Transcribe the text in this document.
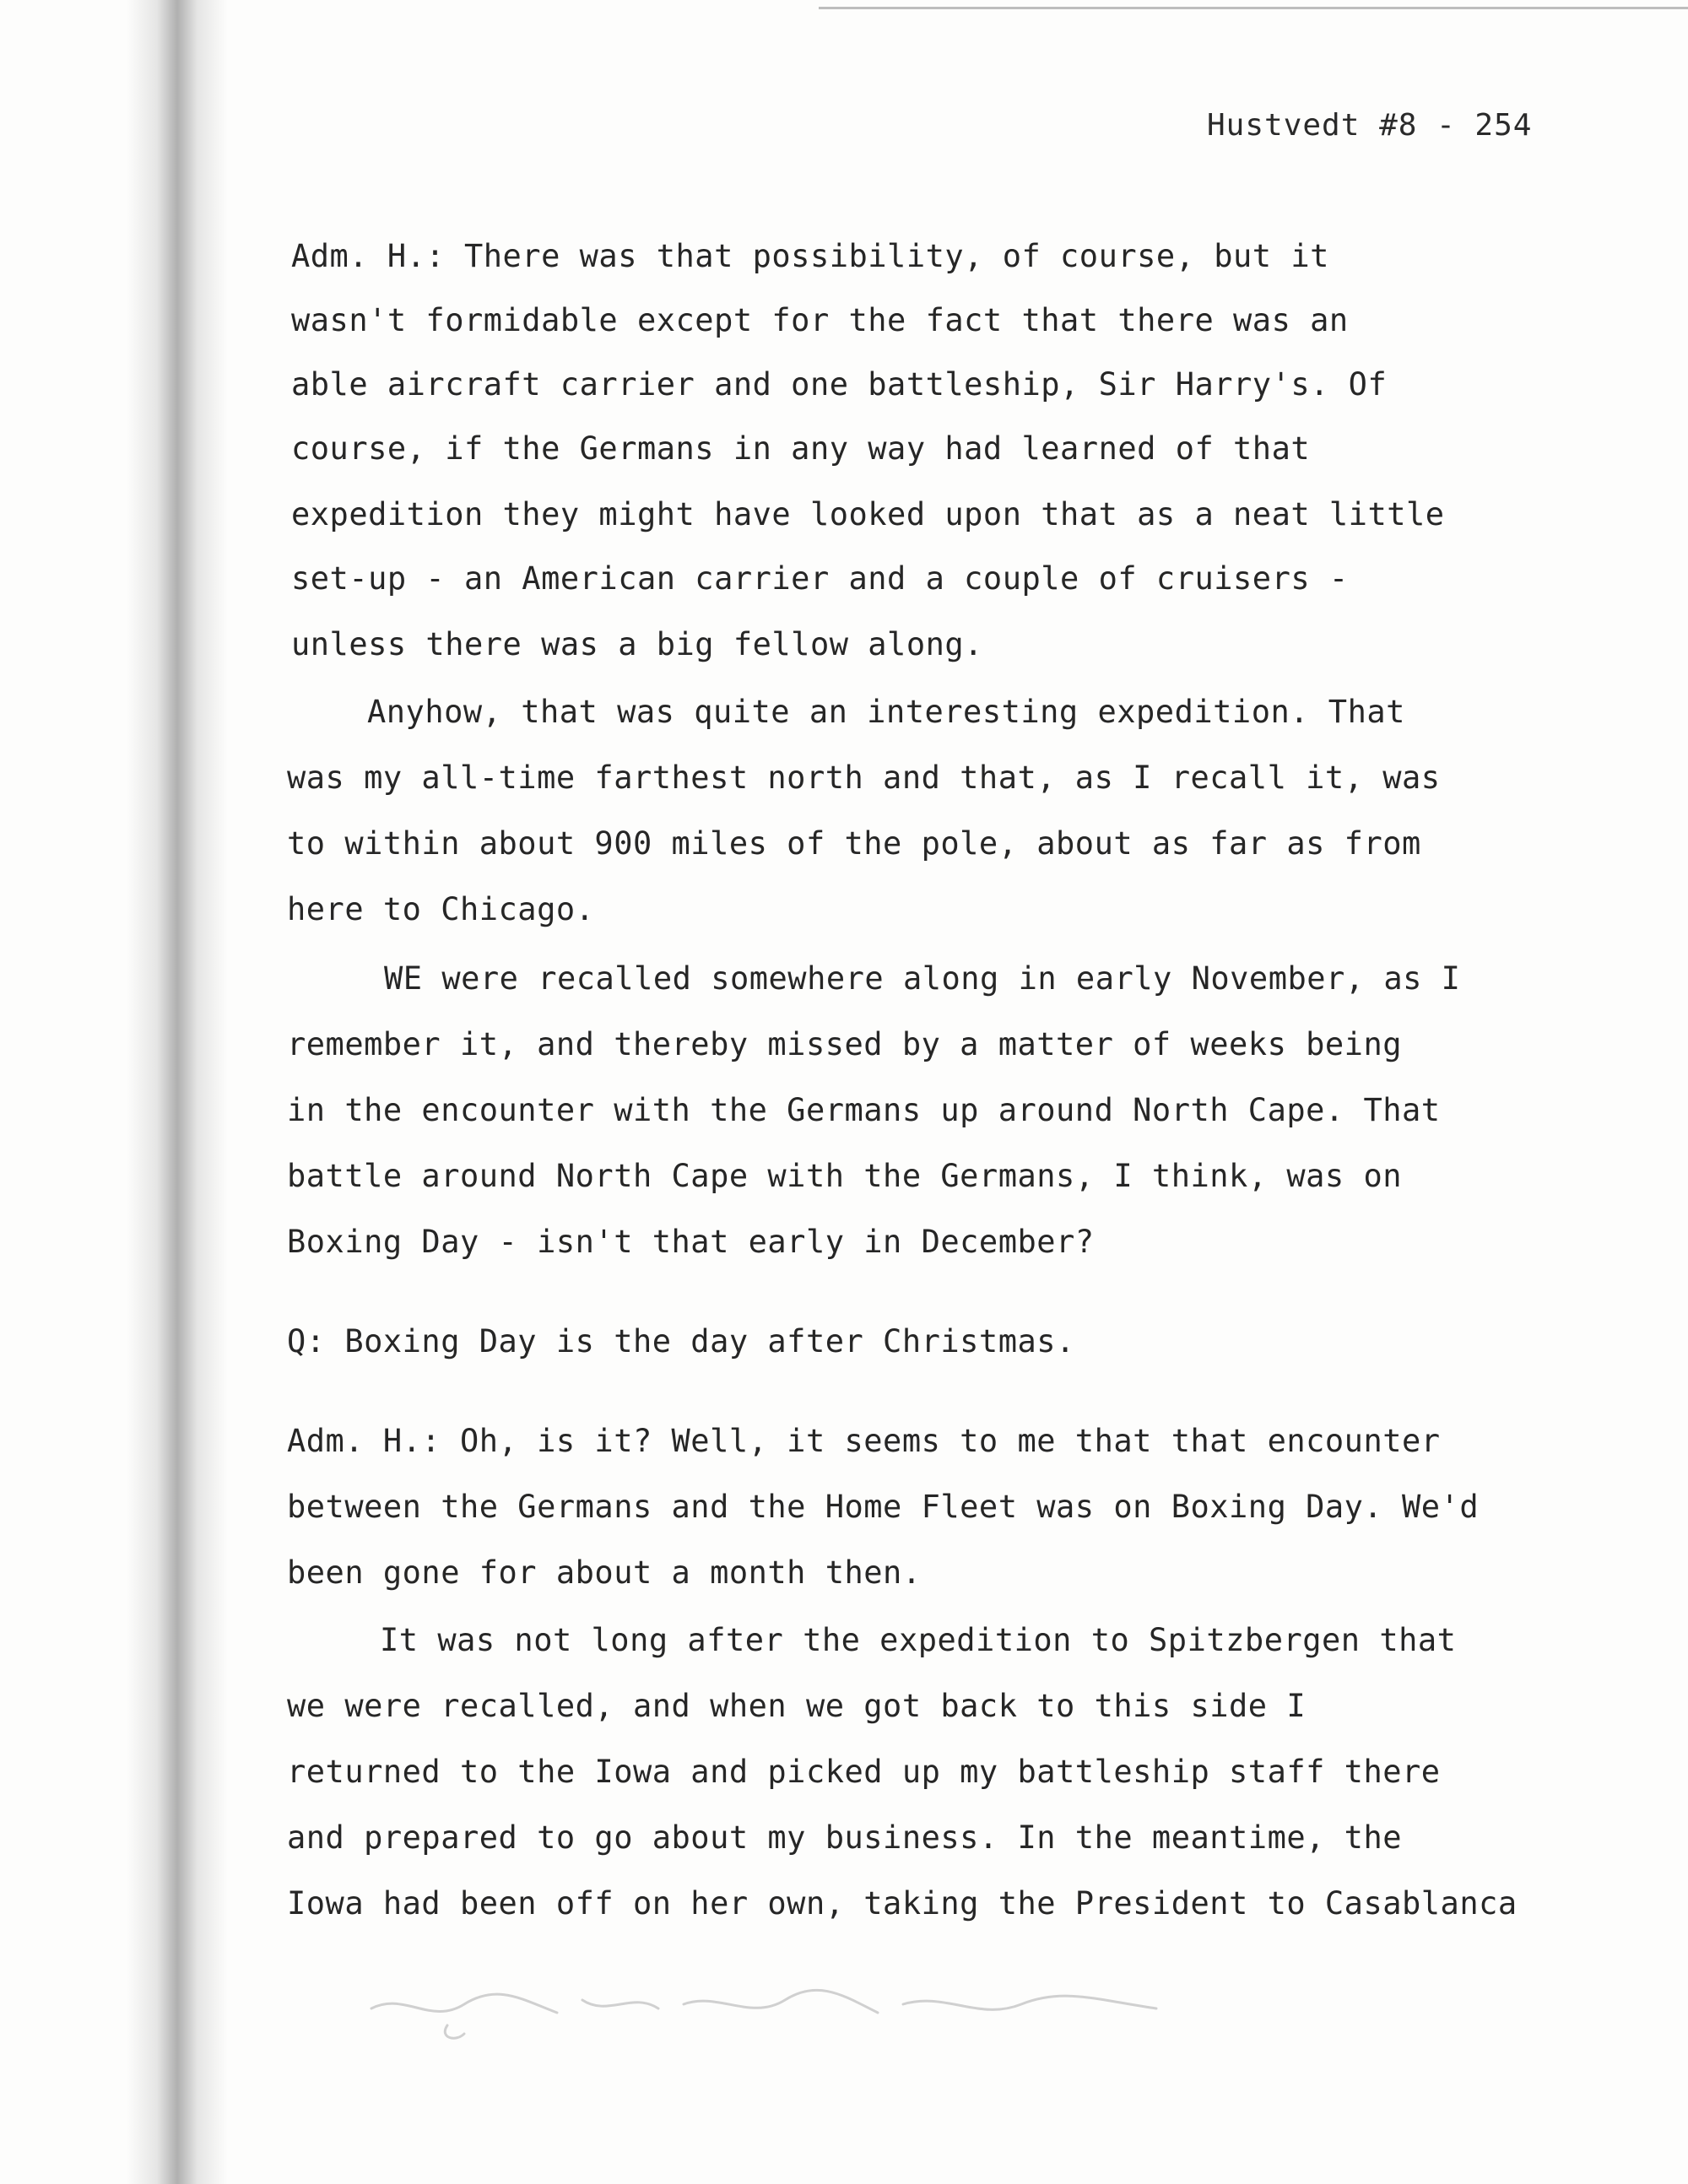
Hustvedt #8 - 254
Adm. H.: There was that possibility, of course, but it
wasn't formidable except for the fact that there was an
able aircraft carrier and one battleship, Sir Harry's. Of
course, if the Germans in any way had learned of that
expedition they might have looked upon that as a neat little
set-up - an American carrier and a couple of cruisers -
unless there was a big fellow along.
Anyhow, that was quite an interesting expedition. That
was my all-time farthest north and that, as I recall it, was
to within about 900 miles of the pole, about as far as from
here to Chicago.
WE were recalled somewhere along in early November, as I
remember it, and thereby missed by a matter of weeks being
in the encounter with the Germans up around North Cape. That
battle around North Cape with the Germans, I think, was on
Boxing Day - isn't that early in December?
Q: Boxing Day is the day after Christmas.
Adm. H.: Oh, is it? Well, it seems to me that that encounter
between the Germans and the Home Fleet was on Boxing Day. We'd
been gone for about a month then.
It was not long after the expedition to Spitzbergen that
we were recalled, and when we got back to this side I
returned to the Iowa and picked up my battleship staff there
and prepared to go about my business. In the meantime, the
Iowa had been off on her own, taking the President to Casablanca
